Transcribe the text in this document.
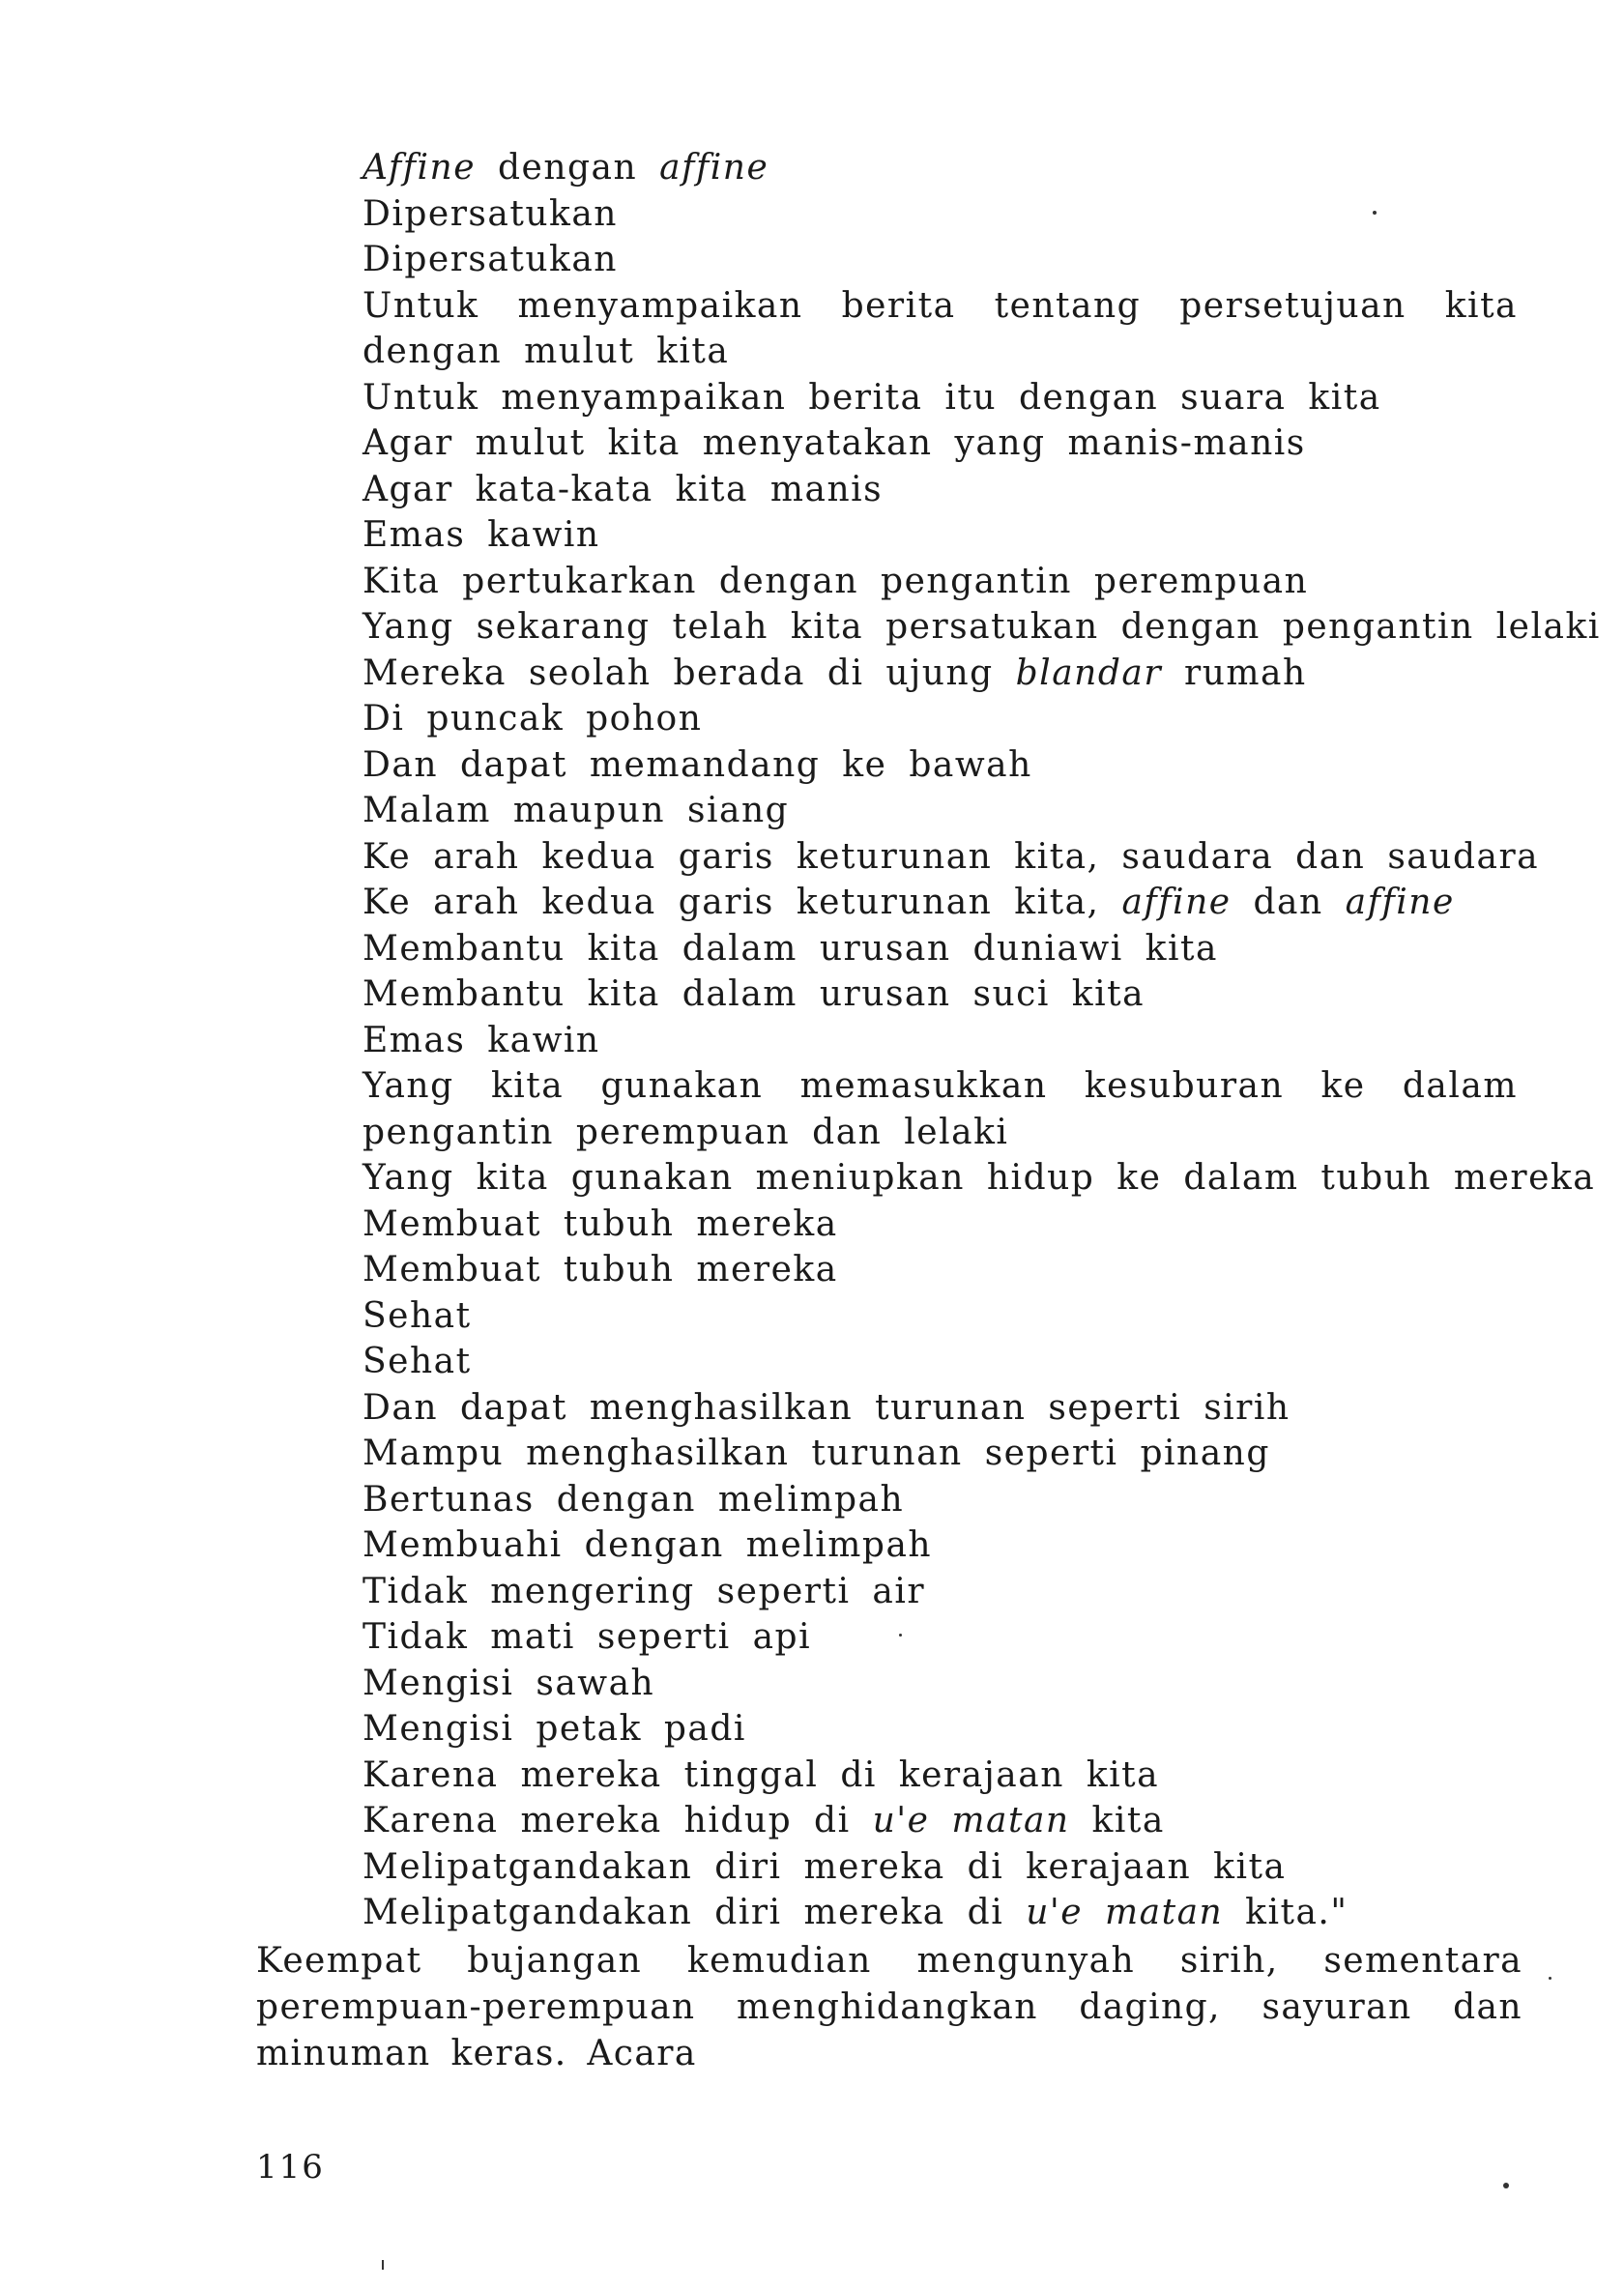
Affine dengan affine
Dipersatukan
Dipersatukan
Untuk menyampaikan berita tentang persetujuan kita dengan mulut kita
Untuk menyampaikan berita itu dengan suara kita
Agar mulut kita menyatakan yang manis-manis
Agar kata-kata kita manis
Emas kawin
Kita pertukarkan dengan pengantin perempuan
Yang sekarang telah kita persatukan dengan pengantin lelaki
Mereka seolah berada di ujung blandar rumah
Di puncak pohon
Dan dapat memandang ke bawah
Malam maupun siang
Ke arah kedua garis keturunan kita, saudara dan saudara
Ke arah kedua garis keturunan kita, affine dan affine
Membantu kita dalam urusan duniawi kita
Membantu kita dalam urusan suci kita
Emas kawin
Yang kita gunakan memasukkan kesuburan ke dalam pengantin perempuan dan lelaki
Yang kita gunakan meniupkan hidup ke dalam tubuh mereka
Membuat tubuh mereka
Membuat tubuh mereka
Sehat
Sehat
Dan dapat menghasilkan turunan seperti sirih
Mampu menghasilkan turunan seperti pinang
Bertunas dengan melimpah
Membuahi dengan melimpah
Tidak mengering seperti air
Tidak mati seperti api
Mengisi sawah
Mengisi petak padi
Karena mereka tinggal di kerajaan kita
Karena mereka hidup di u'e matan kita
Melipatgandakan diri mereka di kerajaan kita
Melipatgandakan diri mereka di u'e matan kita."

Keempat bujangan kemudian mengunyah sirih, sementara perempuan-perempuan menghidangkan daging, sayuran dan minuman keras. Acara

116
